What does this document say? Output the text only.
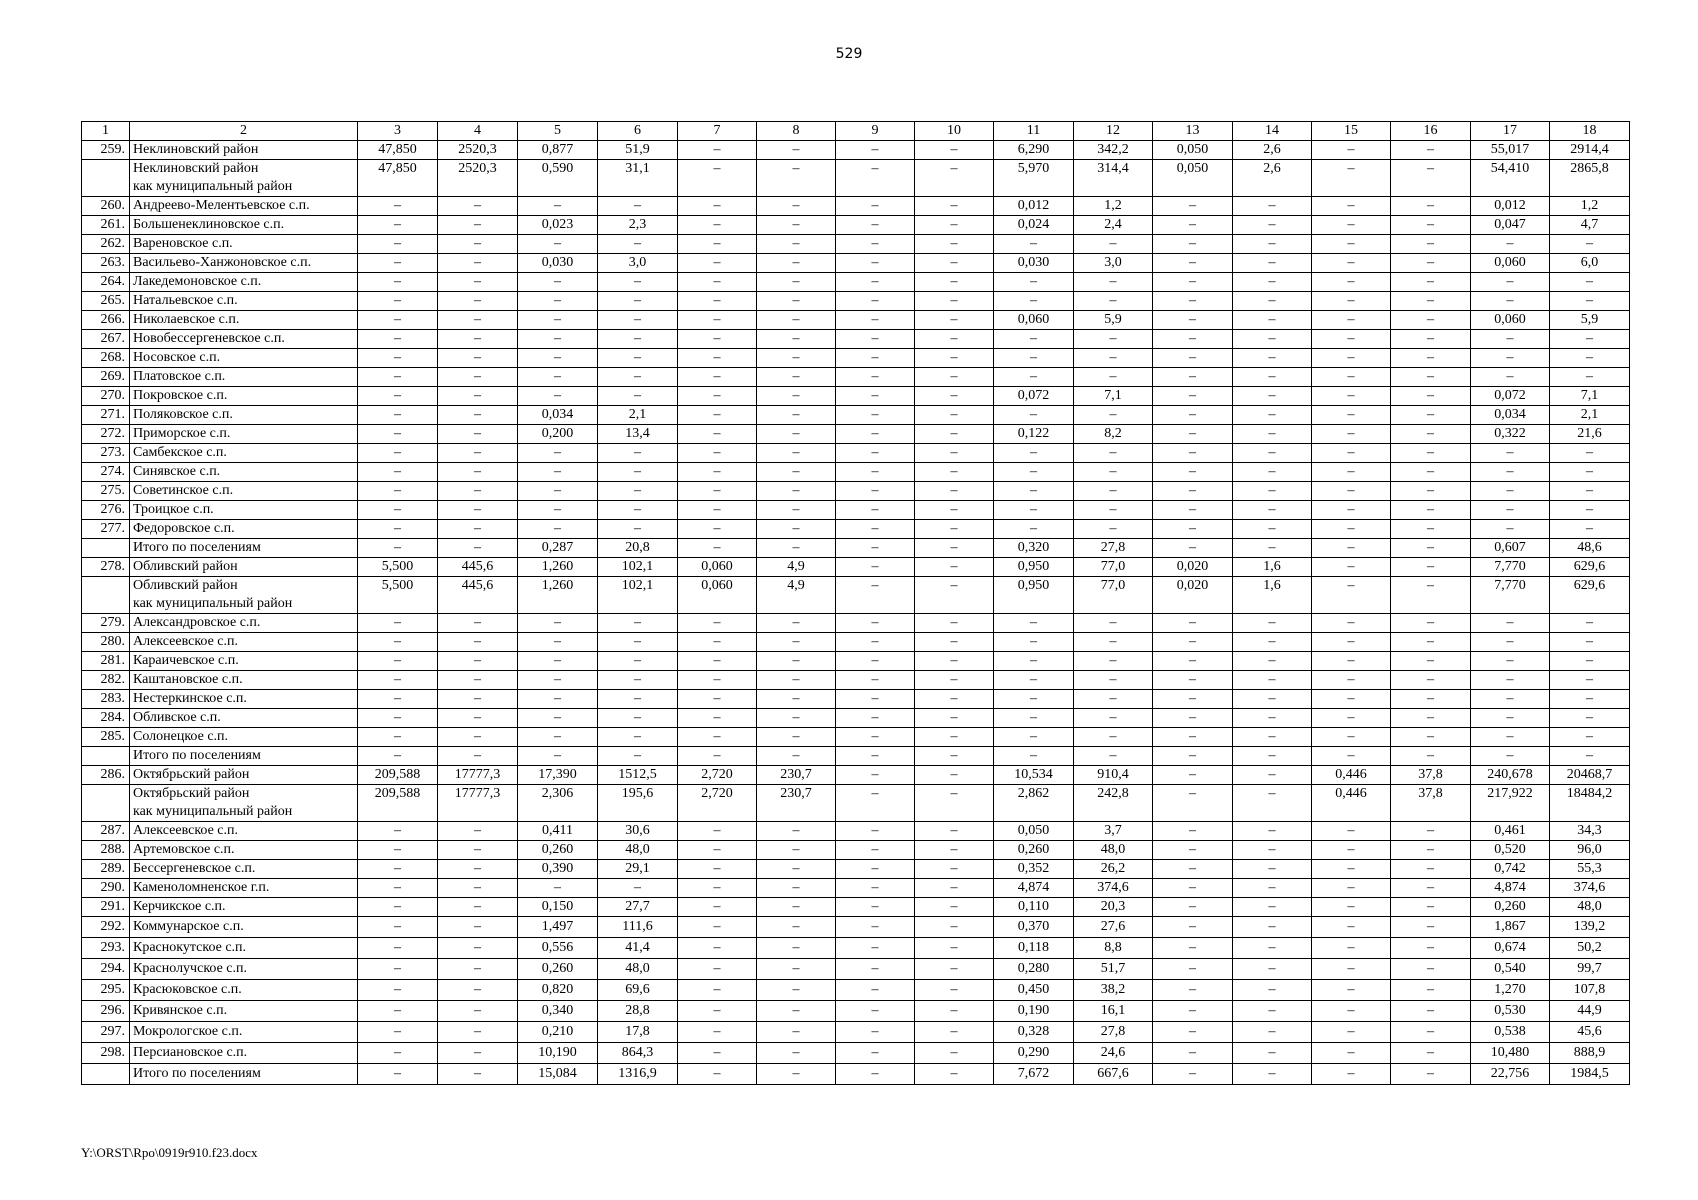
529
1	2	3	4	5	6	7	8	9	10	11	12	13	14	15	16	17	18
259.	Неклиновский район	47,850	2520,3	0,877	51,9	–	–	–	–	6,290	342,2	0,050	2,6	–	–	55,017	2914,4
	Неклиновский район
как муниципальный район	47,850	2520,3	0,590	31,1	–	–	–	–	5,970	314,4	0,050	2,6	–	–	54,410	2865,8
260.	Андреево-Мелентьевское с.п.	–	–	–	–	–	–	–	–	0,012	1,2	–	–	–	–	0,012	1,2
261.	Большенеклиновское с.п.	–	–	0,023	2,3	–	–	–	–	0,024	2,4	–	–	–	–	0,047	4,7
262.	Вареновское с.п.	–	–	–	–	–	–	–	–	–	–	–	–	–	–	–	–
263.	Васильево-Ханжоновское с.п.	–	–	0,030	3,0	–	–	–	–	0,030	3,0	–	–	–	–	0,060	6,0
264.	Лакедемоновское с.п.	–	–	–	–	–	–	–	–	–	–	–	–	–	–	–	–
265.	Натальевское с.п.	–	–	–	–	–	–	–	–	–	–	–	–	–	–	–	–
266.	Николаевское с.п.	–	–	–	–	–	–	–	–	0,060	5,9	–	–	–	–	0,060	5,9
267.	Новобессергеневское с.п.	–	–	–	–	–	–	–	–	–	–	–	–	–	–	–	–
268.	Носовское с.п.	–	–	–	–	–	–	–	–	–	–	–	–	–	–	–	–
269.	Платовское с.п.	–	–	–	–	–	–	–	–	–	–	–	–	–	–	–	–
270.	Покровское с.п.	–	–	–	–	–	–	–	–	0,072	7,1	–	–	–	–	0,072	7,1
271.	Поляковское с.п.	–	–	0,034	2,1	–	–	–	–	–	–	–	–	–	–	0,034	2,1
272.	Приморское с.п.	–	–	0,200	13,4	–	–	–	–	0,122	8,2	–	–	–	–	0,322	21,6
273.	Самбекское с.п.	–	–	–	–	–	–	–	–	–	–	–	–	–	–	–	–
274.	Синявское с.п.	–	–	–	–	–	–	–	–	–	–	–	–	–	–	–	–
275.	Советинское с.п.	–	–	–	–	–	–	–	–	–	–	–	–	–	–	–	–
276.	Троицкое с.п.	–	–	–	–	–	–	–	–	–	–	–	–	–	–	–	–
277.	Федоровское с.п.	–	–	–	–	–	–	–	–	–	–	–	–	–	–	–	–
	Итого по поселениям	–	–	0,287	20,8	–	–	–	–	0,320	27,8	–	–	–	–	0,607	48,6
278.	Обливский район	5,500	445,6	1,260	102,1	0,060	4,9	–	–	0,950	77,0	0,020	1,6	–	–	7,770	629,6
	Обливский район
как муниципальный район	5,500	445,6	1,260	102,1	0,060	4,9	–	–	0,950	77,0	0,020	1,6	–	–	7,770	629,6
279.	Александровское с.п.	–	–	–	–	–	–	–	–	–	–	–	–	–	–	–	–
280.	Алексеевское с.п.	–	–	–	–	–	–	–	–	–	–	–	–	–	–	–	–
281.	Караичевское с.п.	–	–	–	–	–	–	–	–	–	–	–	–	–	–	–	–
282.	Каштановское с.п.	–	–	–	–	–	–	–	–	–	–	–	–	–	–	–	–
283.	Нестеркинское с.п.	–	–	–	–	–	–	–	–	–	–	–	–	–	–	–	–
284.	Обливское с.п.	–	–	–	–	–	–	–	–	–	–	–	–	–	–	–	–
285.	Солонецкое с.п.	–	–	–	–	–	–	–	–	–	–	–	–	–	–	–	–
	Итого по поселениям	–	–	–	–	–	–	–	–	–	–	–	–	–	–	–	–
286.	Октябрьский район	209,588	17777,3	17,390	1512,5	2,720	230,7	–	–	10,534	910,4	–	–	0,446	37,8	240,678	20468,7
	Октябрьский район
как муниципальный район	209,588	17777,3	2,306	195,6	2,720	230,7	–	–	2,862	242,8	–	–	0,446	37,8	217,922	18484,2
287.	Алексеевское с.п.	–	–	0,411	30,6	–	–	–	–	0,050	3,7	–	–	–	–	0,461	34,3
288.	Артемовское с.п.	–	–	0,260	48,0	–	–	–	–	0,260	48,0	–	–	–	–	0,520	96,0
289.	Бессергеневское с.п.	–	–	0,390	29,1	–	–	–	–	0,352	26,2	–	–	–	–	0,742	55,3
290.	Каменоломненское г.п.	–	–	–	–	–	–	–	–	4,874	374,6	–	–	–	–	4,874	374,6
291.	Керчикское с.п.	–	–	0,150	27,7	–	–	–	–	0,110	20,3	–	–	–	–	0,260	48,0
292.	Коммунарское с.п.	–	–	1,497	111,6	–	–	–	–	0,370	27,6	–	–	–	–	1,867	139,2
293.	Краснокутское с.п.	–	–	0,556	41,4	–	–	–	–	0,118	8,8	–	–	–	–	0,674	50,2
294.	Краснолучское с.п.	–	–	0,260	48,0	–	–	–	–	0,280	51,7	–	–	–	–	0,540	99,7
295.	Красюковское с.п.	–	–	0,820	69,6	–	–	–	–	0,450	38,2	–	–	–	–	1,270	107,8
296.	Кривянское с.п.	–	–	0,340	28,8	–	–	–	–	0,190	16,1	–	–	–	–	0,530	44,9
297.	Мокрологское с.п.	–	–	0,210	17,8	–	–	–	–	0,328	27,8	–	–	–	–	0,538	45,6
298.	Персиановское с.п.	–	–	10,190	864,3	–	–	–	–	0,290	24,6	–	–	–	–	10,480	888,9
	Итого по поселениям	–	–	15,084	1316,9	–	–	–	–	7,672	667,6	–	–	–	–	22,756	1984,5
Y:\ORST\Rpo\0919r910.f23.docx
